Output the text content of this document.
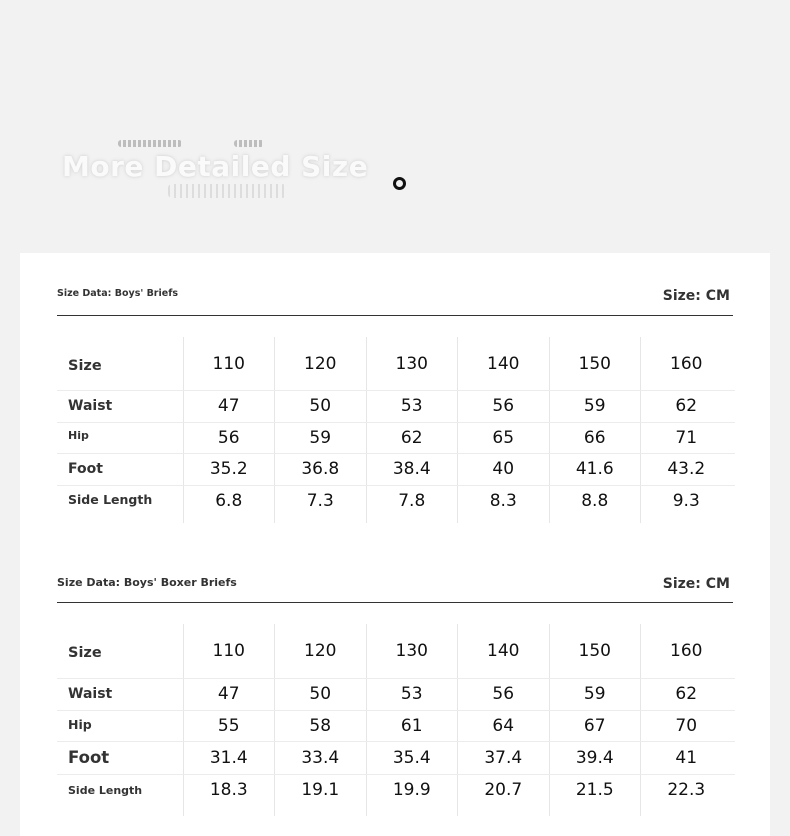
More Detailed Size
Size Data: Boys' Briefs	Size: CM
Size	110	120	130	140	150	160
Waist	47	50	53	56	59	62
Hip	56	59	62	65	66	71
Foot	35.2	36.8	38.4	40	41.6	43.2
Side Length	6.8	7.3	7.8	8.3	8.8	9.3
Size Data: Boys' Boxer Briefs	Size: CM
Size	110	120	130	140	150	160
Waist	47	50	53	56	59	62
Hip	55	58	61	64	67	70
Foot	31.4	33.4	35.4	37.4	39.4	41
Side Length	18.3	19.1	19.9	20.7	21.5	22.3
